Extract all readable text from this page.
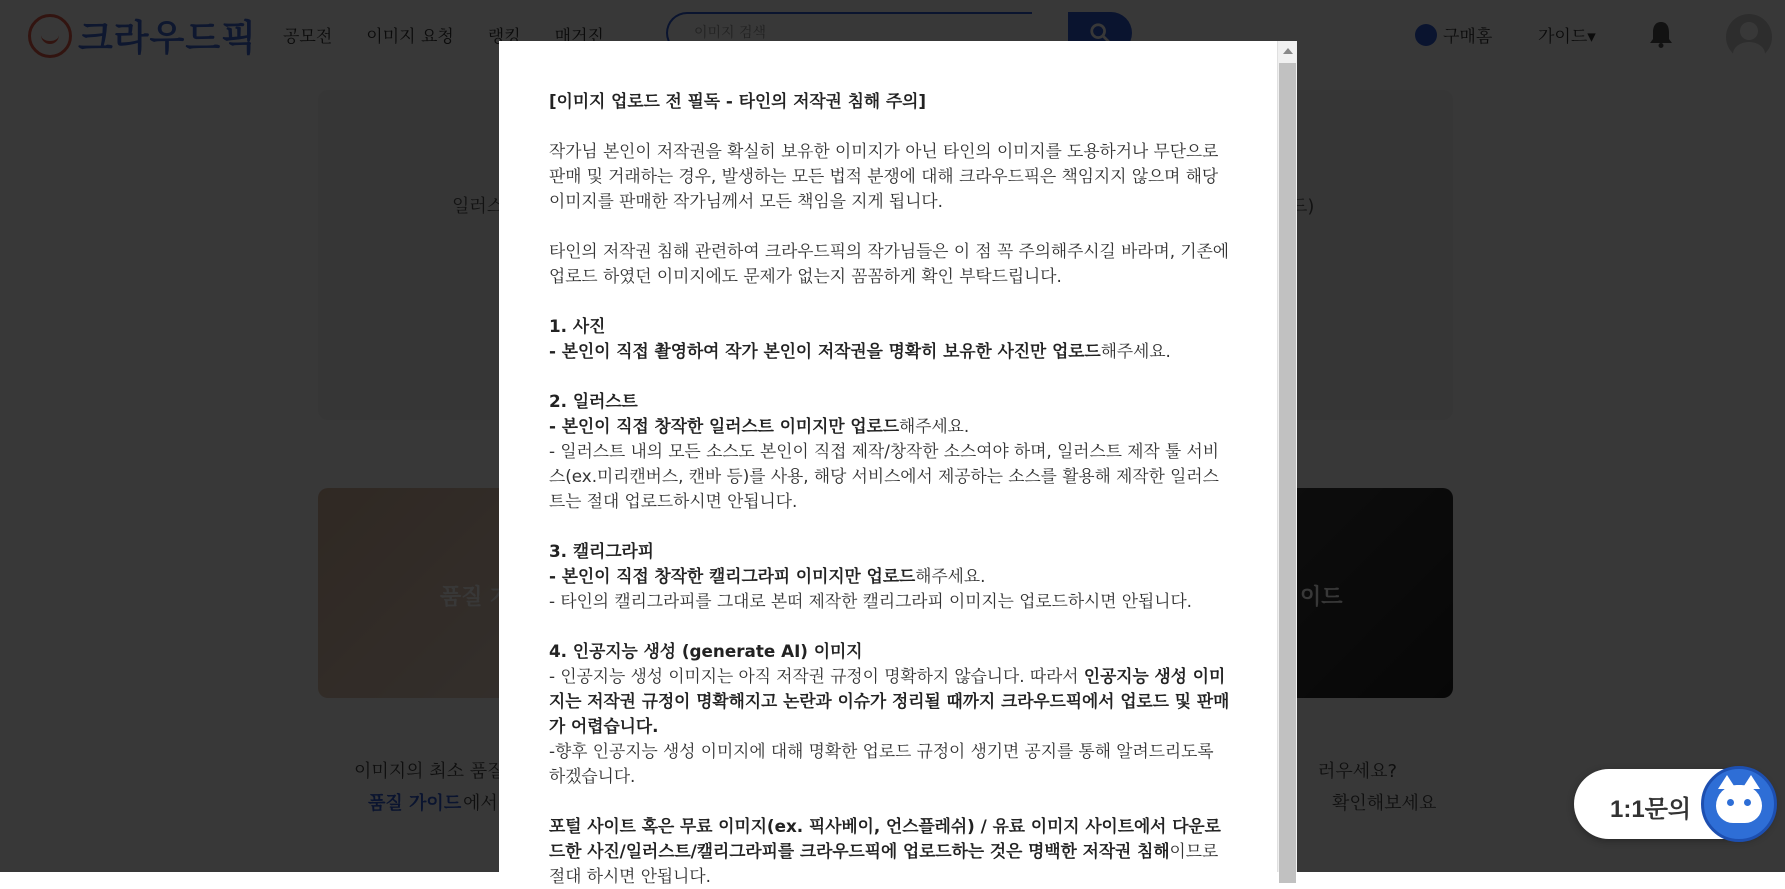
[이미지 업로드 전 필독 - 타인의 저작권 침해 주의]

작가님 본인이 저작권을 확실히 보유한 이미지가 아닌 타인의 이미지를 도용하거나 무단으로 판매 및 거래하는 경우, 발생하는 모든 법적 분쟁에 대해 크라우드픽은 책임지지 않으며 해당 이미지를 판매한 작가님께서 모든 책임을 지게 됩니다.

타인의 저작권 침해 관련하여 크라우드픽의 작가님들은 이 점 꼭 주의해주시길 바라며, 기존에 업로드 하였던 이미지에도 문제가 없는지 꼼꼼하게 확인 부탁드립니다.

1. 사진

- 본인이 직접 촬영하여 작가 본인이 저작권을 명확히 보유한 사진만 업로드해주세요.

2. 일러스트

- 본인이 직접 창작한 일러스트 이미지만 업로드해주세요.

- 일러스트 내의 모든 소스도 본인이 직접 제작/창작한 소스여야 하며, 일러스트 제작 툴 서비스(ex.미리캔버스, 캔바 등)를 사용, 해당 서비스에서 제공하는 소스를 활용해 제작한 일러스트는 절대 업로드하시면 안됩니다.

3. 캘리그라피

- 본인이 직접 창작한 캘리그라피 이미지만 업로드해주세요.

- 타인의 캘리그라피를 그대로 본떠 제작한 캘리그라피 이미지는 업로드하시면 안됩니다.

4. 인공지능 생성 (generate AI) 이미지

- 인공지능 생성 이미지는 아직 저작권 규정이 명확하지 않습니다. 따라서 인공지능 생성 이미지는 저작권 규정이 명확해지고 논란과 이슈가 정리될 때까지 크라우드픽에서 업로드 및 판매가 어렵습니다.

-향후 인공지능 생성 이미지에 대해 명확한 업로드 규정이 생기면 공지를 통해 알려드리도록 하겠습니다.

포털 사이트 혹은 무료 이미지(ex. 픽사베이, 언스플레쉬) / 유료 이미지 사이트에서 다운로드한 사진/일러스트/캘리그라피를 크라우드픽에 업로드하는 것은 명백한 저작권 침해이므로 절대 하시면 안됩니다.

1:1문의
